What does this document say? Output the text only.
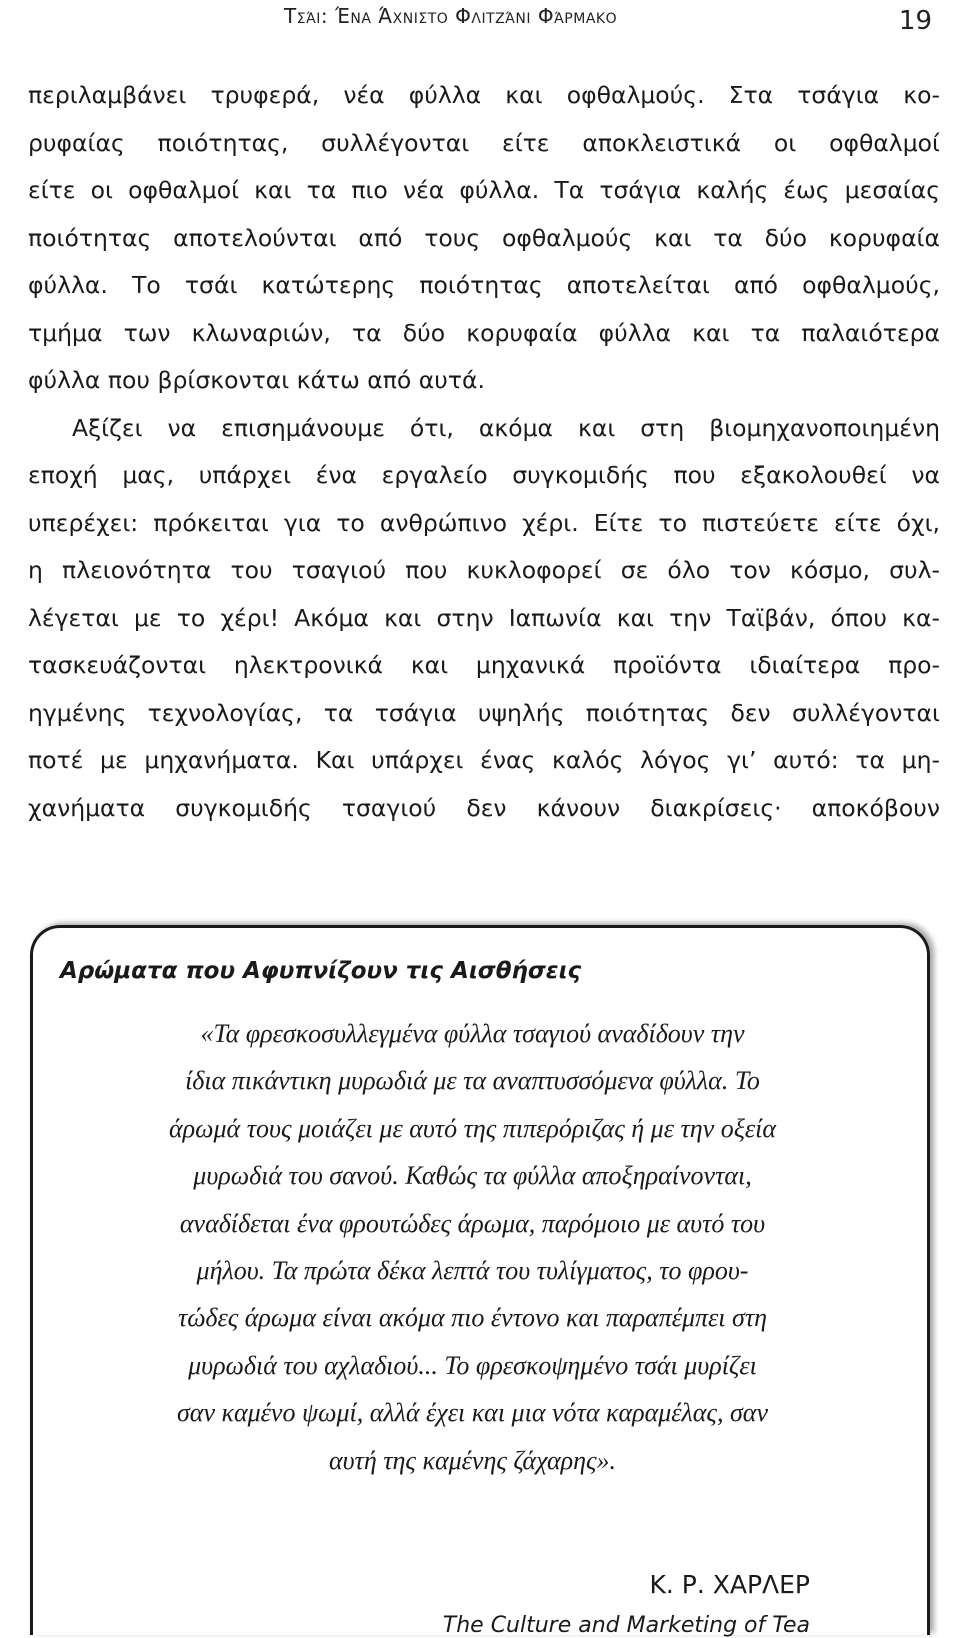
Τσάι: Ένα Άχνιστο Φλιτζάνι Φάρμακο	19
περιλαμβάνει τρυφερά, νέα φύλλα και οφθαλμούς. Στα τσάγια κο-
ρυφαίας ποιότητας, συλλέγονται είτε αποκλειστικά οι οφθαλμοί
είτε οι οφθαλμοί και τα πιο νέα φύλλα. Τα τσάγια καλής έως μεσαίας
ποιότητας αποτελούνται από τους οφθαλμούς και τα δύο κορυφαία
φύλλα. Το τσάι κατώτερης ποιότητας αποτελείται από οφθαλμούς,
τμήμα των κλωναριών, τα δύο κορυφαία φύλλα και τα παλαιότερα
φύλλα που βρίσκονται κάτω από αυτά.
Αξίζει να επισημάνουμε ότι, ακόμα και στη βιομηχανοποιημένη
εποχή μας, υπάρχει ένα εργαλείο συγκομιδής που εξακολουθεί να
υπερέχει: πρόκειται για το ανθρώπινο χέρι. Είτε το πιστεύετε είτε όχι,
η πλειονότητα του τσαγιού που κυκλοφορεί σε όλο τον κόσμο, συλ-
λέγεται με το χέρι! Ακόμα και στην Ιαπωνία και την Ταϊβάν, όπου κα-
τασκευάζονται ηλεκτρονικά και μηχανικά προϊόντα ιδιαίτερα προ-
ηγμένης τεχνολογίας, τα τσάγια υψηλής ποιότητας δεν συλλέγονται
ποτέ με μηχανήματα. Και υπάρχει ένας καλός λόγος γι’ αυτό: τα μη-
χανήματα συγκομιδής τσαγιού δεν κάνουν διακρίσεις· αποκόβουν
Αρώματα που Αφυπνίζουν τις Αισθήσεις
«Τα φρεσκοσυλλεγμένα φύλλα τσαγιού αναδίδουν την
ίδια πικάντικη μυρωδιά με τα αναπτυσσόμενα φύλλα. Το
άρωμά τους μοιάζει με αυτό της πιπερόριζας ή με την οξεία
μυρωδιά του σανού. Καθώς τα φύλλα αποξηραίνονται,
αναδίδεται ένα φρουτώδες άρωμα, παρόμοιο με αυτό του
μήλου. Τα πρώτα δέκα λεπτά του τυλίγματος, το φρου-
τώδες άρωμα είναι ακόμα πιο έντονο και παραπέμπει στη
μυρωδιά του αχλαδιού... Το φρεσκοψημένο τσάι μυρίζει
σαν καμένο ψωμί, αλλά έχει και μια νότα καραμέλας, σαν
αυτή της καμένης ζάχαρης».
Κ. Ρ. ΧΑΡΛΕΡ
The Culture and Marketing of Tea
